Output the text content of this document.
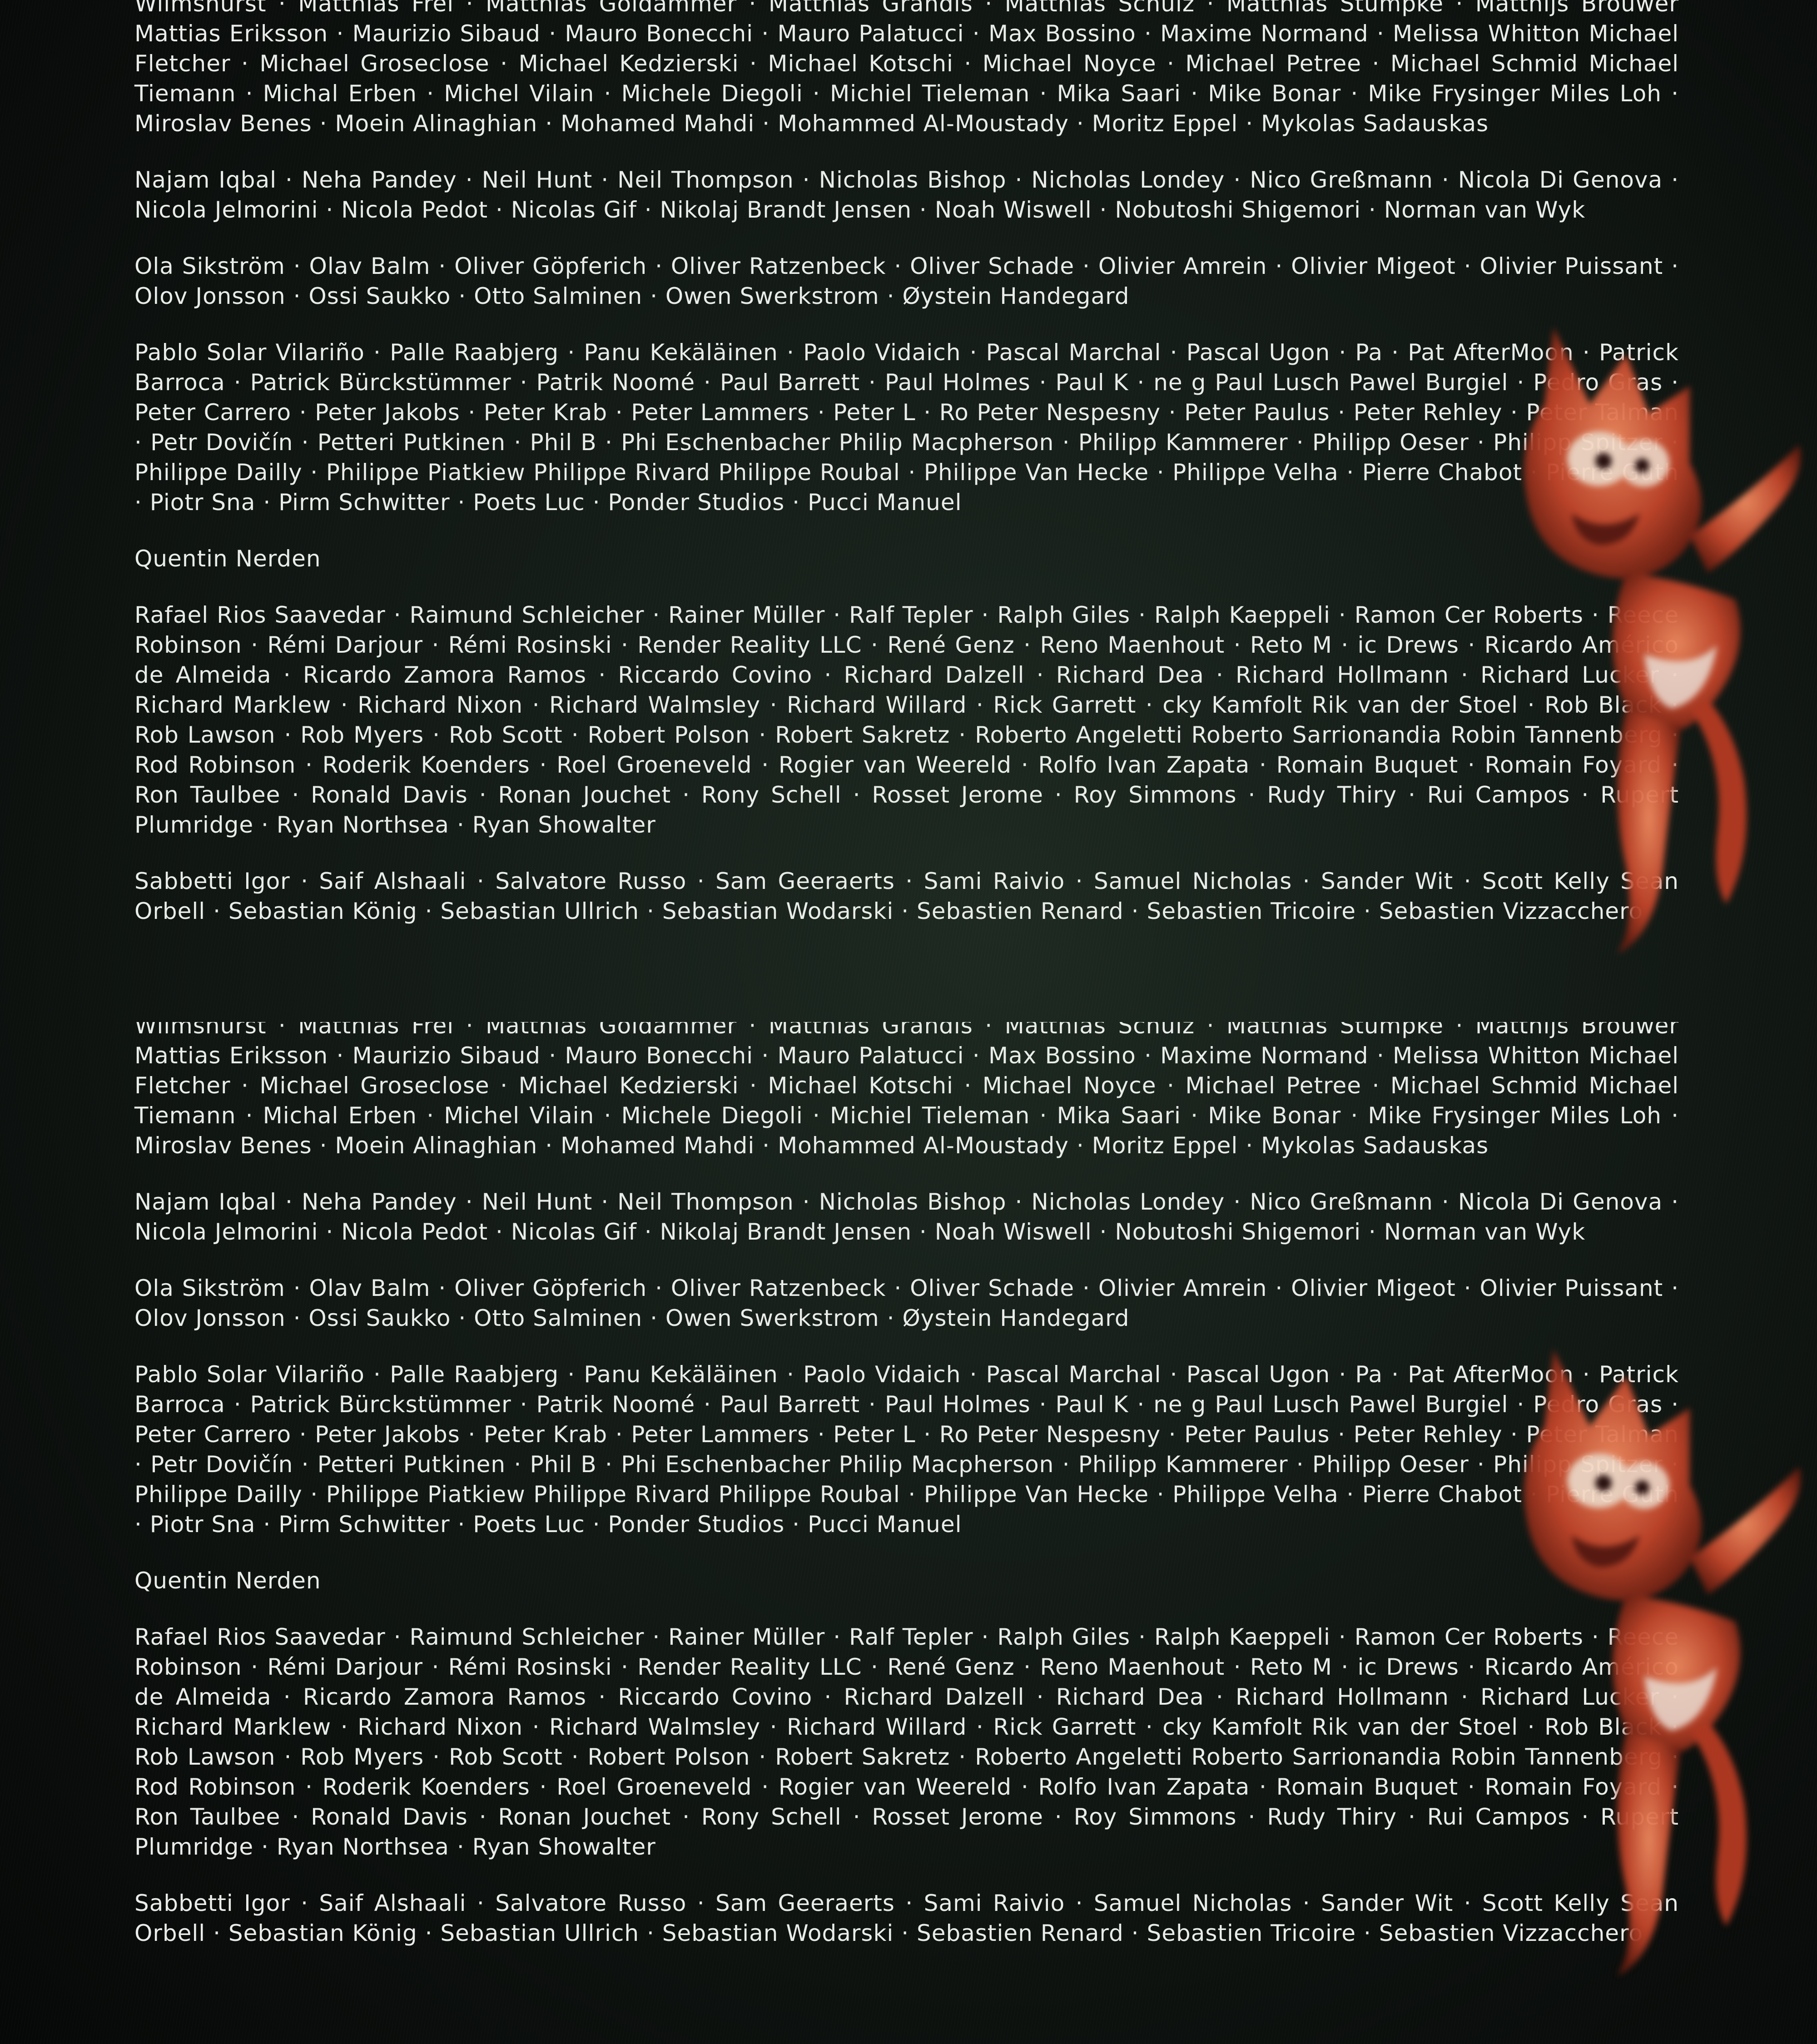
Wilmshurst · Matthias Frei · Matthias Goldammer · Matthias Grandis · Matthias Schulz · Matthias Stümpke · Matthijs Brouwer Mattias Eriksson · Maurizio Sibaud · Mauro Bonecchi · Mauro Palatucci · Max Bossino · Maxime Normand · Melissa Whitton Michael Fletcher · Michael Groseclose · Michael Kedzierski · Michael Kotschi · Michael Noyce · Michael Petree · Michael Schmid Michael Tiemann · Michal Erben · Michel Vilain · Michele Diegoli · Michiel Tieleman · Mika Saari · Mike Bonar · Mike Frysinger Miles Loh · Miroslav Benes · Moein Alinaghian · Mohamed Mahdi · Mohammed Al-Moustady · Moritz Eppel · Mykolas Sadauskas

Najam Iqbal · Neha Pandey · Neil Hunt · Neil Thompson · Nicholas Bishop · Nicholas Londey · Nico Greßmann · Nicola Di Genova · Nicola Jelmorini · Nicola Pedot · Nicolas Gif · Nikolaj Brandt Jensen · Noah Wiswell · Nobutoshi Shigemori · Norman van Wyk

Ola Sikström · Olav Balm · Oliver Göpferich · Oliver Ratzenbeck · Oliver Schade · Olivier Amrein · Olivier Migeot · Olivier Puissant · Olov Jonsson · Ossi Saukko · Otto Salminen · Owen Swerkstrom · Øystein Handegard

Pablo Solar Vilariño · Palle Raabjerg · Panu Kekäläinen · Paolo Vidaich · Pascal Marchal · Pascal Ugon · Pa · Pat AfterMoon · Patrick Barroca · Patrick Bürckstümmer · Patrik Noomé · Paul Barrett · Paul Holmes · Paul K · ne g Paul Lusch Pawel Burgiel · Pedro Gras · Peter Carrero · Peter Jakobs · Peter Krab · Peter Lammers · Peter L · Ro Peter Nespesny · Peter Paulus · Peter Rehley · Peter Talman · Petr Dovičín · Petteri Putkinen · Phil B · Phi Eschenbacher Philip Macpherson · Philipp Kammerer · Philipp Oeser · Philipp Spitzer · Philippe Dailly · Philippe Piatkiew Philippe Rivard Philippe Roubal · Philippe Van Hecke · Philippe Velha · Pierre Chabot · Pierre Guth · Piotr Sna · Pirm Schwitter · Poets Luc · Ponder Studios · Pucci Manuel

Quentin Nerden

Rafael Rios Saavedar · Raimund Schleicher · Rainer Müller · Ralf Tepler · Ralph Giles · Ralph Kaeppeli · Ramon Cer Roberts · Reece Robinson · Rémi Darjour · Rémi Rosinski · Render Reality LLC · René Genz · Reno Maenhout · Reto M · ic Drews · Ricardo Américo de Almeida · Ricardo Zamora Ramos · Riccardo Covino · Richard Dalzell · Richard Dea · Richard Hollmann · Richard Lucker · Richard Marklew · Richard Nixon · Richard Walmsley · Richard Willard · Rick Garrett · cky Kamfolt Rik van der Stoel · Rob Black · Rob Lawson · Rob Myers · Rob Scott · Robert Polson · Robert Sakretz · Roberto Angeletti Roberto Sarrionandia Robin Tannenberg · Rod Robinson · Roderik Koenders · Roel Groeneveld · Rogier van Weereld · Rolfo Ivan Zapata · Romain Buquet · Romain Foyard · Ron Taulbee · Ronald Davis · Ronan Jouchet · Rony Schell · Rosset Jerome · Roy Simmons · Rudy Thiry · Rui Campos · Rupert Plumridge · Ryan Northsea · Ryan Showalter

Sabbetti Igor · Saif Alshaali · Salvatore Russo · Sam Geeraerts · Sami Raivio · Samuel Nicholas · Sander Wit · Scott Kelly Sean Orbell · Sebastian König · Sebastian Ullrich · Sebastian Wodarski · Sebastien Renard · Sebastien Tricoire · Sebastien Vizzacchero

Wilmshurst · Matthias Frei · Matthias Goldammer · Matthias Grandis · Matthias Schulz · Matthias Stümpke · Matthijs Brouwer Mattias Eriksson · Maurizio Sibaud · Mauro Bonecchi · Mauro Palatucci · Max Bossino · Maxime Normand · Melissa Whitton Michael Fletcher · Michael Groseclose · Michael Kedzierski · Michael Kotschi · Michael Noyce · Michael Petree · Michael Schmid Michael Tiemann · Michal Erben · Michel Vilain · Michele Diegoli · Michiel Tieleman · Mika Saari · Mike Bonar · Mike Frysinger Miles Loh · Miroslav Benes · Moein Alinaghian · Mohamed Mahdi · Mohammed Al-Moustady · Moritz Eppel · Mykolas Sadauskas

Najam Iqbal · Neha Pandey · Neil Hunt · Neil Thompson · Nicholas Bishop · Nicholas Londey · Nico Greßmann · Nicola Di Genova · Nicola Jelmorini · Nicola Pedot · Nicolas Gif · Nikolaj Brandt Jensen · Noah Wiswell · Nobutoshi Shigemori · Norman van Wyk

Ola Sikström · Olav Balm · Oliver Göpferich · Oliver Ratzenbeck · Oliver Schade · Olivier Amrein · Olivier Migeot · Olivier Puissant · Olov Jonsson · Ossi Saukko · Otto Salminen · Owen Swerkstrom · Øystein Handegard

Pablo Solar Vilariño · Palle Raabjerg · Panu Kekäläinen · Paolo Vidaich · Pascal Marchal · Pascal Ugon · Pa · Pat AfterMoon · Patrick Barroca · Patrick Bürckstümmer · Patrik Noomé · Paul Barrett · Paul Holmes · Paul K · ne g Paul Lusch Pawel Burgiel · Pedro Gras · Peter Carrero · Peter Jakobs · Peter Krab · Peter Lammers · Peter L · Ro Peter Nespesny · Peter Paulus · Peter Rehley · Peter Talman · Petr Dovičín · Petteri Putkinen · Phil B · Phi Eschenbacher Philip Macpherson · Philipp Kammerer · Philipp Oeser · Philipp Spitzer · Philippe Dailly · Philippe Piatkiew Philippe Rivard Philippe Roubal · Philippe Van Hecke · Philippe Velha · Pierre Chabot · Pierre Guth · Piotr Sna · Pirm Schwitter · Poets Luc · Ponder Studios · Pucci Manuel

Quentin Nerden

Rafael Rios Saavedar · Raimund Schleicher · Rainer Müller · Ralf Tepler · Ralph Giles · Ralph Kaeppeli · Ramon Cer Roberts · Reece Robinson · Rémi Darjour · Rémi Rosinski · Render Reality LLC · René Genz · Reno Maenhout · Reto M · ic Drews · Ricardo Américo de Almeida · Ricardo Zamora Ramos · Riccardo Covino · Richard Dalzell · Richard Dea · Richard Hollmann · Richard Lucker · Richard Marklew · Richard Nixon · Richard Walmsley · Richard Willard · Rick Garrett · cky Kamfolt Rik van der Stoel · Rob Black · Rob Lawson · Rob Myers · Rob Scott · Robert Polson · Robert Sakretz · Roberto Angeletti Roberto Sarrionandia Robin Tannenberg · Rod Robinson · Roderik Koenders · Roel Groeneveld · Rogier van Weereld · Rolfo Ivan Zapata · Romain Buquet · Romain Foyard · Ron Taulbee · Ronald Davis · Ronan Jouchet · Rony Schell · Rosset Jerome · Roy Simmons · Rudy Thiry · Rui Campos · Rupert Plumridge · Ryan Northsea · Ryan Showalter

Sabbetti Igor · Saif Alshaali · Salvatore Russo · Sam Geeraerts · Sami Raivio · Samuel Nicholas · Sander Wit · Scott Kelly Sean Orbell · Sebastian König · Sebastian Ullrich · Sebastian Wodarski · Sebastien Renard · Sebastien Tricoire · Sebastien Vizzacchero
